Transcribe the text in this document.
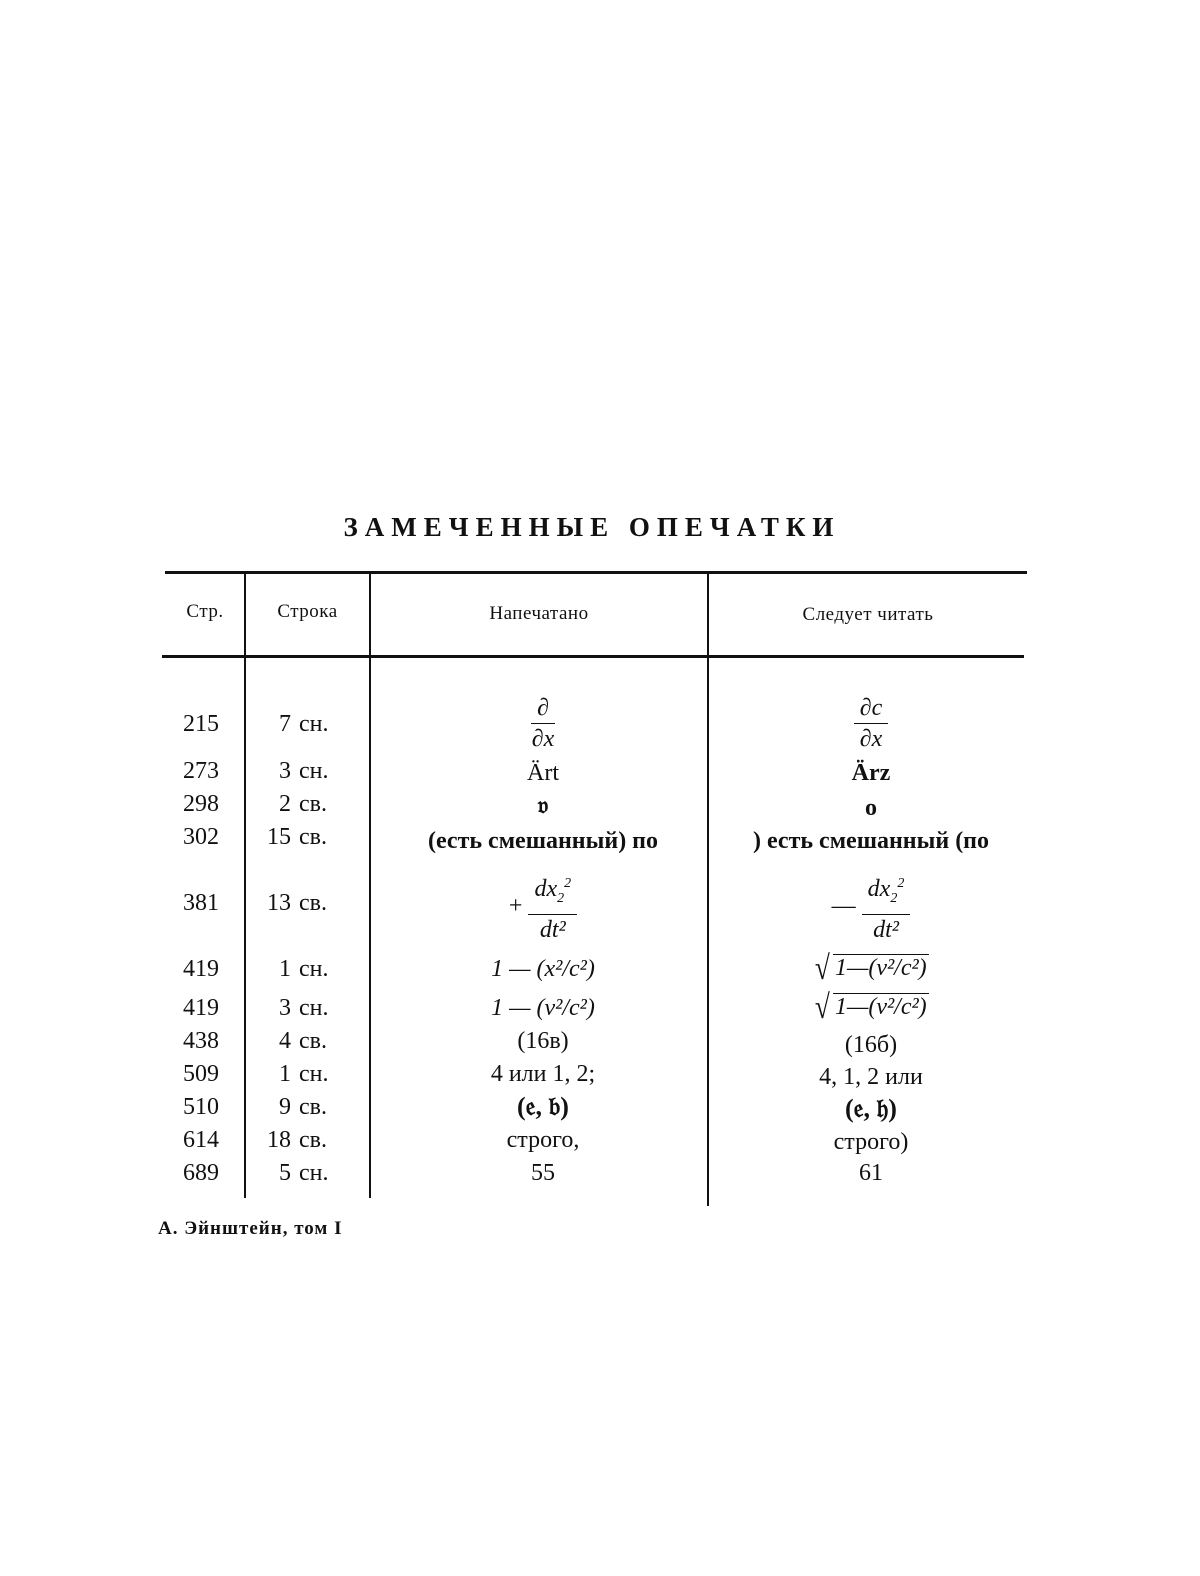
ЗАМЕЧЕННЫЕ ОПЕЧАТКИ
Стр.	Строка	Напечатано	Следует читать
215	7 сн.	$\frac{\partial}{\partial x}$	$\frac{\partial c}{\partial x}$
273	3 сн.	Ärt	Ärz
298	2 св.	𝔳	о
302	15 св.	(есть смешанный) по	) есть смешанный (по
381	13 св.	+ $\frac{dx_2^2}{\text{dt²}}$	— $\frac{dx_2^2}{\text{dt²}}$
419	1 сн.	1 — (x²/c²)	√ 1—(v²/c²)
419	3 сн.	1 — (v²/c²)	√ 1—(v²/c²)
438	4 св.	(16в)	(16б)
509	1 сн.	4 или 1, 2;	4, 1, 2 или
510	9 св.	(𝔢, 𝔟)	(𝔢, 𝔥)
614	18 св.	строго,	строго)
689	5 сн.	55	61
А. Эйнштейн, том I
